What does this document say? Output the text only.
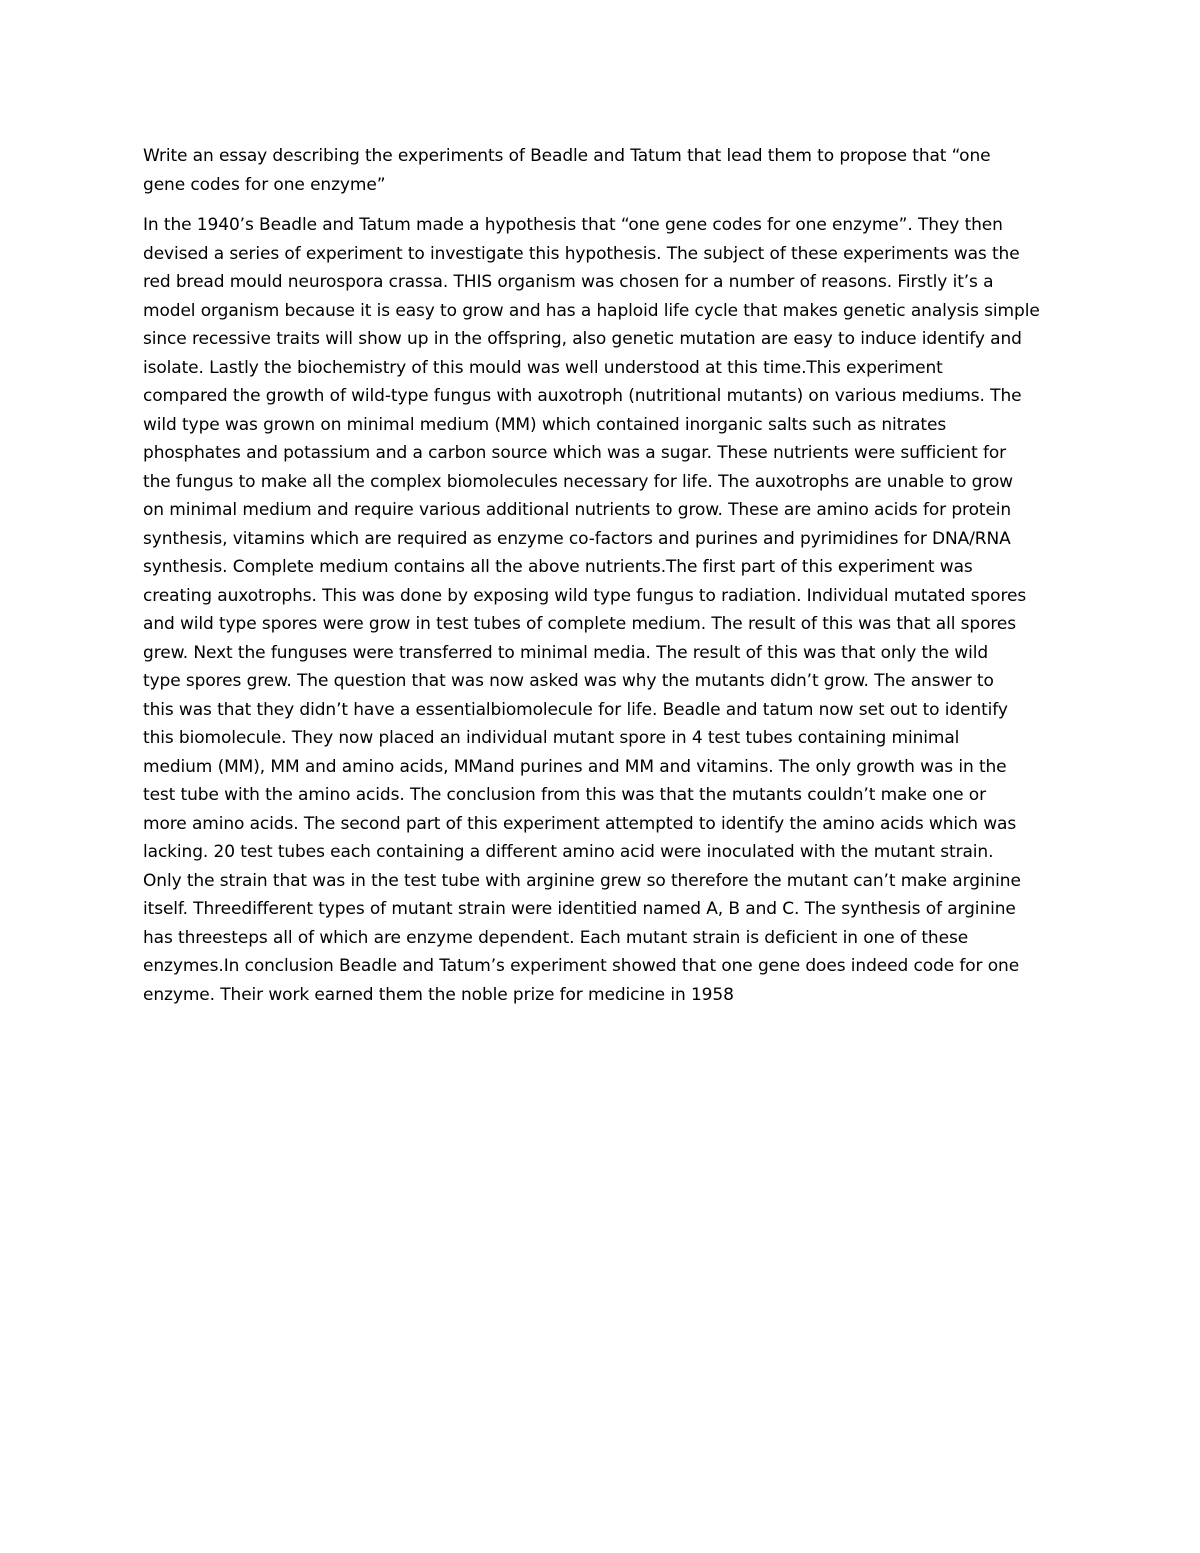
Write an essay describing the experiments of Beadle and Tatum that lead them to propose that “one
gene codes for one enzyme”
In the 1940’s Beadle and Tatum made a hypothesis that “one gene codes for one enzyme”. They then
devised a series of experiment to investigate this hypothesis. The subject of these experiments was the
red bread mould neurospora crassa. THIS organism was chosen for a number of reasons. Firstly it’s a
model organism because it is easy to grow and has a haploid life cycle that makes genetic analysis simple
since recessive traits will show up in the offspring, also genetic mutation are easy to induce identify and
isolate. Lastly the biochemistry of this mould was well understood at this time.This experiment
compared the growth of wild-type fungus with auxotroph (nutritional mutants) on various mediums. The
wild type was grown on minimal medium (MM) which contained inorganic salts such as nitrates
phosphates and potassium and a carbon source which was a sugar. These nutrients were sufficient for
the fungus to make all the complex biomolecules necessary for life. The auxotrophs are unable to grow
on minimal medium and require various additional nutrients to grow. These are amino acids for protein
synthesis, vitamins which are required as enzyme co-factors and purines and pyrimidines for DNA/RNA
synthesis. Complete medium contains all the above nutrients.The first part of this experiment was
creating auxotrophs. This was done by exposing wild type fungus to radiation. Individual mutated spores
and wild type spores were grow in test tubes of complete medium. The result of this was that all spores
grew. Next the funguses were transferred to minimal media. The result of this was that only the wild
type spores grew. The question that was now asked was why the mutants didn’t grow. The answer to
this was that they didn’t have a essentialbiomolecule for life. Beadle and tatum now set out to identify
this biomolecule. They now placed an individual mutant spore in 4 test tubes containing minimal
medium (MM), MM and amino acids, MMand purines and MM and vitamins. The only growth was in the
test tube with the amino acids. The conclusion from this was that the mutants couldn’t make one or
more amino acids. The second part of this experiment attempted to identify the amino acids which was
lacking. 20 test tubes each containing a different amino acid were inoculated with the mutant strain.
Only the strain that was in the test tube with arginine grew so therefore the mutant can’t make arginine
itself. Threedifferent types of mutant strain were identitied named A, B and C. The synthesis of arginine
has threesteps all of which are enzyme dependent. Each mutant strain is deficient in one of these
enzymes.In conclusion Beadle and Tatum’s experiment showed that one gene does indeed code for one
enzyme. Their work earned them the noble prize for medicine in 1958
